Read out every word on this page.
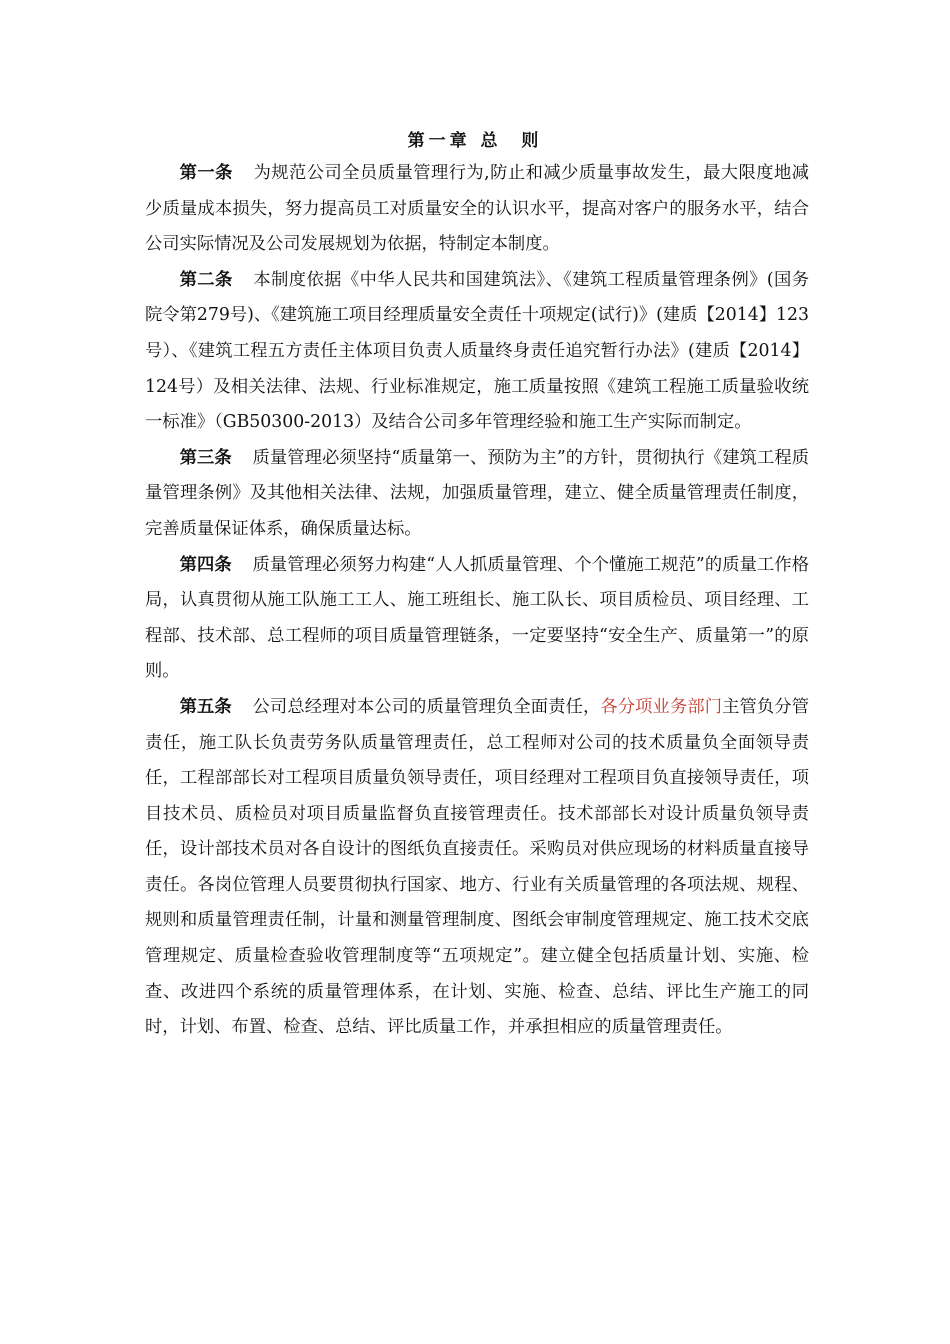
第一章 总  则

第一条 为规范公司全员质量管理行为,防止和减少质量事故发生，最大限度地减少质量成本损失，努力提高员工对质量安全的认识水平，提高对客户的服务水平，结合公司实际情况及公司发展规划为依据，特制定本制度。

第二条 本制度依据《中华人民共和国建筑法》、《建筑工程质量管理条例》(国务院令第279号)、《建筑施工项目经理质量安全责任十项规定(试行)》(建质【2014】123号）、《建筑工程五方责任主体项目负责人质量终身责任追究暂行办法》(建质【2014】124号）及相关法律、法规、行业标准规定，施工质量按照《建筑工程施工质量验收统一标准》（GB50300-2013）及结合公司多年管理经验和施工生产实际而制定。

第三条 质量管理必须坚持“质量第一、预防为主”的方针，贯彻执行《建筑工程质量管理条例》及其他相关法律、法规，加强质量管理，建立、健全质量管理责任制度，完善质量保证体系，确保质量达标。

第四条 质量管理必须努力构建“人人抓质量管理、个个懂施工规范”的质量工作格局，认真贯彻从施工队施工工人、施工班组长、施工队长、项目质检员、项目经理、工程部、技术部、总工程师的项目质量管理链条，一定要坚持“安全生产、质量第一”的原则。

第五条 公司总经理对本公司的质量管理负全面责任，各分项业务部门主管负分管责任，施工队长负责劳务队质量管理责任，总工程师对公司的技术质量负全面领导责任，工程部部长对工程项目质量负领导责任，项目经理对工程项目负直接领导责任，项目技术员、质检员对项目质量监督负直接管理责任。技术部部长对设计质量负领导责任，设计部技术员对各自设计的图纸负直接责任。采购员对供应现场的材料质量直接导责任。各岗位管理人员要贯彻执行国家、地方、行业有关质量管理的各项法规、规程、规则和质量管理责任制，计量和测量管理制度、图纸会审制度管理规定、施工技术交底管理规定、质量检查验收管理制度等“五项规定”。建立健全包括质量计划、实施、检查、改进四个系统的质量管理体系，在计划、实施、检查、总结、评比生产施工的同时，计划、布置、检查、总结、评比质量工作，并承担相应的质量管理责任。
